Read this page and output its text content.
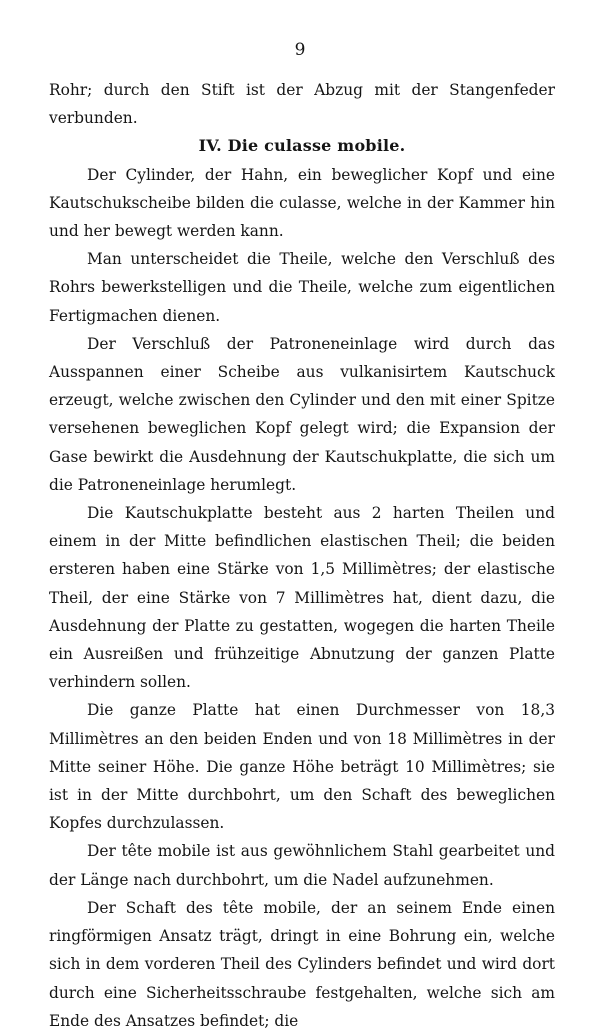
9

Rohr; durch den Stift ist der Abzug mit der Stangenfeder verbunden.

IV. Die culasse mobile.

Der Cylinder, der Hahn, ein beweglicher Kopf und eine Kautschukscheibe bilden die culasse, welche in der Kammer hin und her bewegt werden kann.

Man unterscheidet die Theile, welche den Verschluß des Rohrs bewerkstelligen und die Theile, welche zum eigentlichen Fertigmachen dienen.

Der Verschluß der Patroneneinlage wird durch das Ausspannen einer Scheibe aus vulkanisirtem Kautschuck erzeugt, welche zwischen den Cylinder und den mit einer Spitze versehenen beweglichen Kopf gelegt wird; die Expansion der Gase bewirkt die Ausdehnung der Kautschukplatte, die sich um die Patroneneinlage herumlegt.

Die Kautschukplatte besteht aus 2 harten Theilen und einem in der Mitte befindlichen elastischen Theil; die beiden ersteren haben eine Stärke von 1,5 Millimètres; der elastische Theil, der eine Stärke von 7 Millimètres hat, dient dazu, die Ausdehnung der Platte zu gestatten, wogegen die harten Theile ein Ausreißen und frühzeitige Abnutzung der ganzen Platte verhindern sollen.

Die ganze Platte hat einen Durchmesser von 18,3 Millimètres an den beiden Enden und von 18 Millimètres in der Mitte seiner Höhe. Die ganze Höhe beträgt 10 Millimètres; sie ist in der Mitte durchbohrt, um den Schaft des beweglichen Kopfes durchzulassen.

Der tête mobile ist aus gewöhnlichem Stahl gearbeitet und der Länge nach durchbohrt, um die Nadel aufzunehmen.

Der Schaft des tête mobile, der an seinem Ende einen ringförmigen Ansatz trägt, dringt in eine Bohrung ein, welche sich in dem vorderen Theil des Cylinders befindet und wird dort durch eine Sicherheitsschraube festgehalten, welche sich am Ende des Ansatzes befindet; die
